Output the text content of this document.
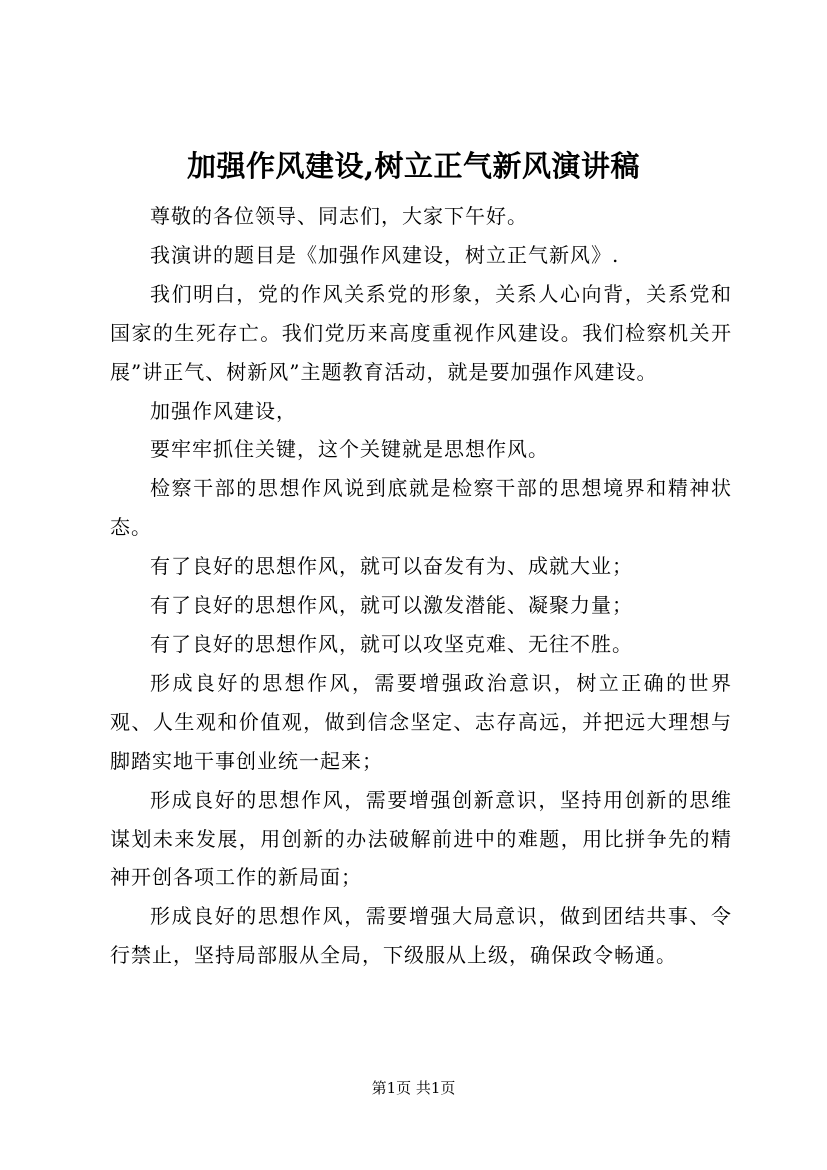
加强作风建设,树立正气新风演讲稿

尊敬的各位领导、同志们，大家下午好。

我演讲的题目是《加强作风建设，树立正气新风》.

我们明白，党的作风关系党的形象，关系人心向背，关系党和国家的生死存亡。我们党历来高度重视作风建设。我们检察机关开展”讲正气、树新风”主题教育活动，就是要加强作风建设。

加强作风建设，

要牢牢抓住关键，这个关键就是思想作风。

检察干部的思想作风说到底就是检察干部的思想境界和精神状态。

有了良好的思想作风，就可以奋发有为、成就大业；

有了良好的思想作风，就可以激发潜能、凝聚力量；

有了良好的思想作风，就可以攻坚克难、无往不胜。

形成良好的思想作风，需要增强政治意识，树立正确的世界观、人生观和价值观，做到信念坚定、志存高远，并把远大理想与脚踏实地干事创业统一起来；

形成良好的思想作风，需要增强创新意识，坚持用创新的思维谋划未来发展，用创新的办法破解前进中的难题，用比拼争先的精神开创各项工作的新局面；

形成良好的思想作风，需要增强大局意识，做到团结共事、令行禁止，坚持局部服从全局，下级服从上级，确保政令畅通。

第1页 共1页
